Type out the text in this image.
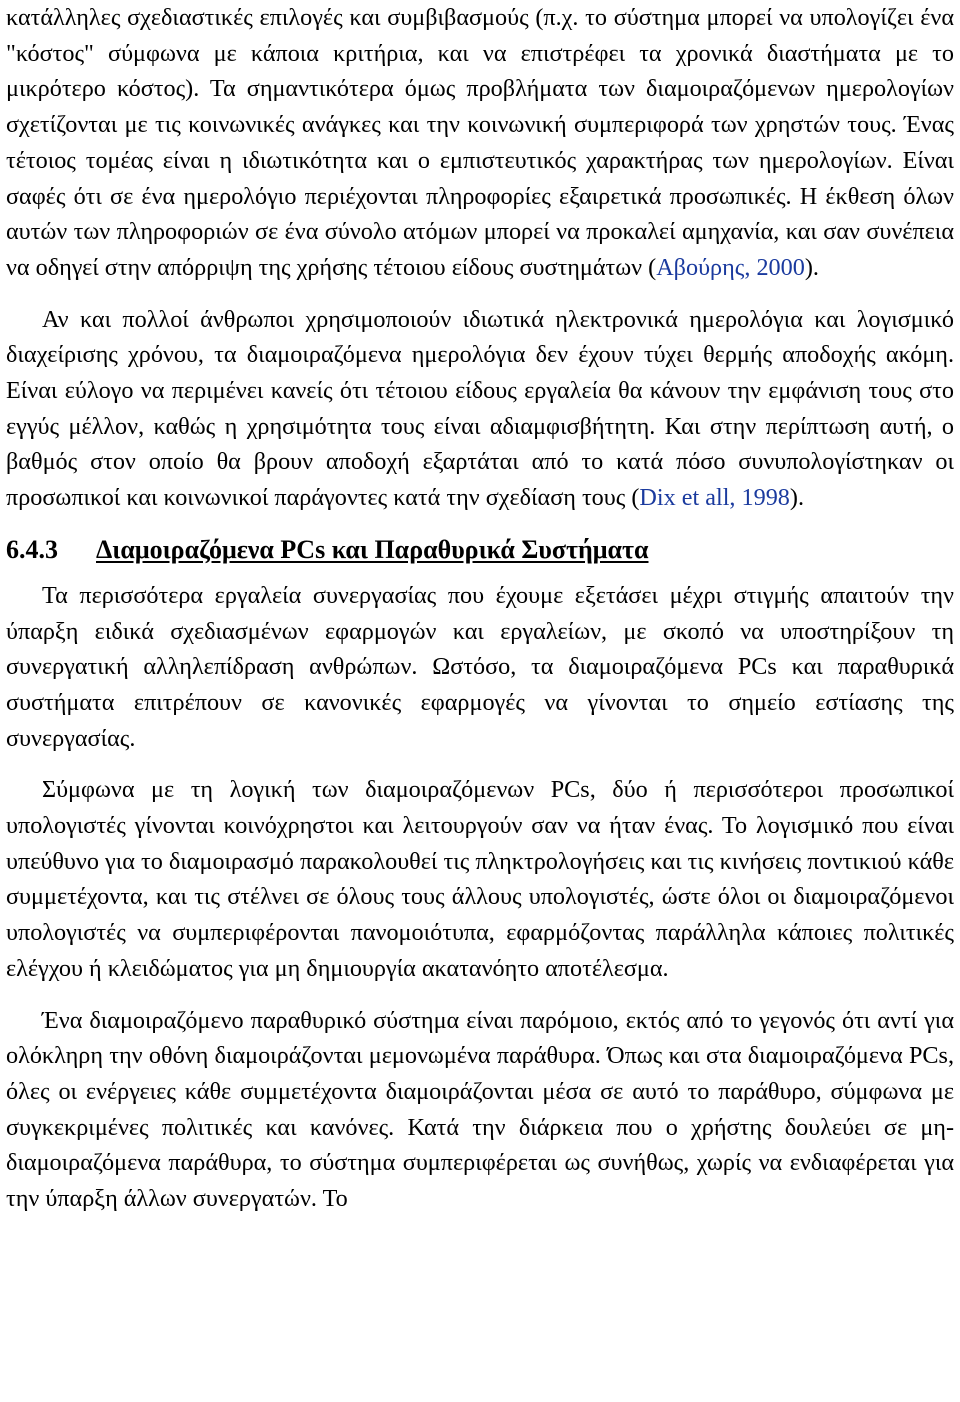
κατάλληλες σχεδιαστικές επιλογές και συμβιβασμούς (π.χ. το σύστημα μπορεί να υπολογίζει ένα "κόστος" σύμφωνα με κάποια κριτήρια, και να επιστρέφει τα χρονικά διαστήματα με το μικρότερο κόστος). Τα σημαντικότερα όμως προβλήματα των διαμοιραζόμενων ημερολογίων σχετίζονται με τις κοινωνικές ανάγκες και την κοινωνική συμπεριφορά των χρηστών τους. Ένας τέτοιος τομέας είναι η ιδιωτικότητα και ο εμπιστευτικός χαρακτήρας των ημερολογίων. Είναι σαφές ότι σε ένα ημερολόγιο περιέχονται πληροφορίες εξαιρετικά προσωπικές. Η έκθεση όλων αυτών των πληροφοριών σε ένα σύνολο ατόμων μπορεί να προκαλεί αμηχανία, και σαν συνέπεια να οδηγεί στην απόρριψη της χρήσης τέτοιου είδους συστημάτων (Αβούρης, 2000).

Αν και πολλοί άνθρωποι χρησιμοποιούν ιδιωτικά ηλεκτρονικά ημερολόγια και λογισμικό διαχείρισης χρόνου, τα διαμοιραζόμενα ημερολόγια δεν έχουν τύχει θερμής αποδοχής ακόμη. Είναι εύλογο να περιμένει κανείς ότι τέτοιου είδους εργαλεία θα κάνουν την εμφάνιση τους στο εγγύς μέλλον, καθώς η χρησιμότητα τους είναι αδιαμφισβήτητη. Και στην περίπτωση αυτή, ο βαθμός στον οποίο θα βρουν αποδοχή εξαρτάται από το κατά πόσο συνυπολογίστηκαν οι προσωπικοί και κοινωνικοί παράγοντες κατά την σχεδίαση τους (Dix et all, 1998).

6.4.3	Διαμοιραζόμενα PCs και Παραθυρικά Συστήματα

Τα περισσότερα εργαλεία συνεργασίας που έχουμε εξετάσει μέχρι στιγμής απαιτούν την ύπαρξη ειδικά σχεδιασμένων εφαρμογών και εργαλείων, με σκοπό να υποστηρίξουν τη συνεργατική αλληλεπίδραση ανθρώπων. Ωστόσο, τα διαμοιραζόμενα PCs και παραθυρικά συστήματα επιτρέπουν σε κανονικές εφαρμογές να γίνονται το σημείο εστίασης της συνεργασίας.

Σύμφωνα με τη λογική των διαμοιραζόμενων PCs, δύο ή περισσότεροι προσωπικοί υπολογιστές γίνονται κοινόχρηστοι και λειτουργούν σαν να ήταν ένας. Το λογισμικό που είναι υπεύθυνο για το διαμοιρασμό παρακολουθεί τις πληκτρολογήσεις και τις κινήσεις ποντικιού κάθε συμμετέχοντα, και τις στέλνει σε όλους τους άλλους υπολογιστές, ώστε όλοι οι διαμοιραζόμενοι υπολογιστές να συμπεριφέρονται πανομοιότυπα, εφαρμόζοντας παράλληλα κάποιες πολιτικές ελέγχου ή κλειδώματος για μη δημιουργία ακατανόητο αποτέλεσμα.

Ένα διαμοιραζόμενο παραθυρικό σύστημα είναι παρόμοιο, εκτός από το γεγονός ότι αντί για ολόκληρη την οθόνη διαμοιράζονται μεμονωμένα παράθυρα. Όπως και στα διαμοιραζόμενα PCs, όλες οι ενέργειες κάθε συμμετέχοντα διαμοιράζονται μέσα σε αυτό το παράθυρο, σύμφωνα με συγκεκριμένες πολιτικές και κανόνες. Κατά την διάρκεια που ο χρήστης δουλεύει σε μη-διαμοιραζόμενα παράθυρα, το σύστημα συμπεριφέρεται ως συνήθως, χωρίς να ενδιαφέρεται για την ύπαρξη άλλων συνεργατών. Το
